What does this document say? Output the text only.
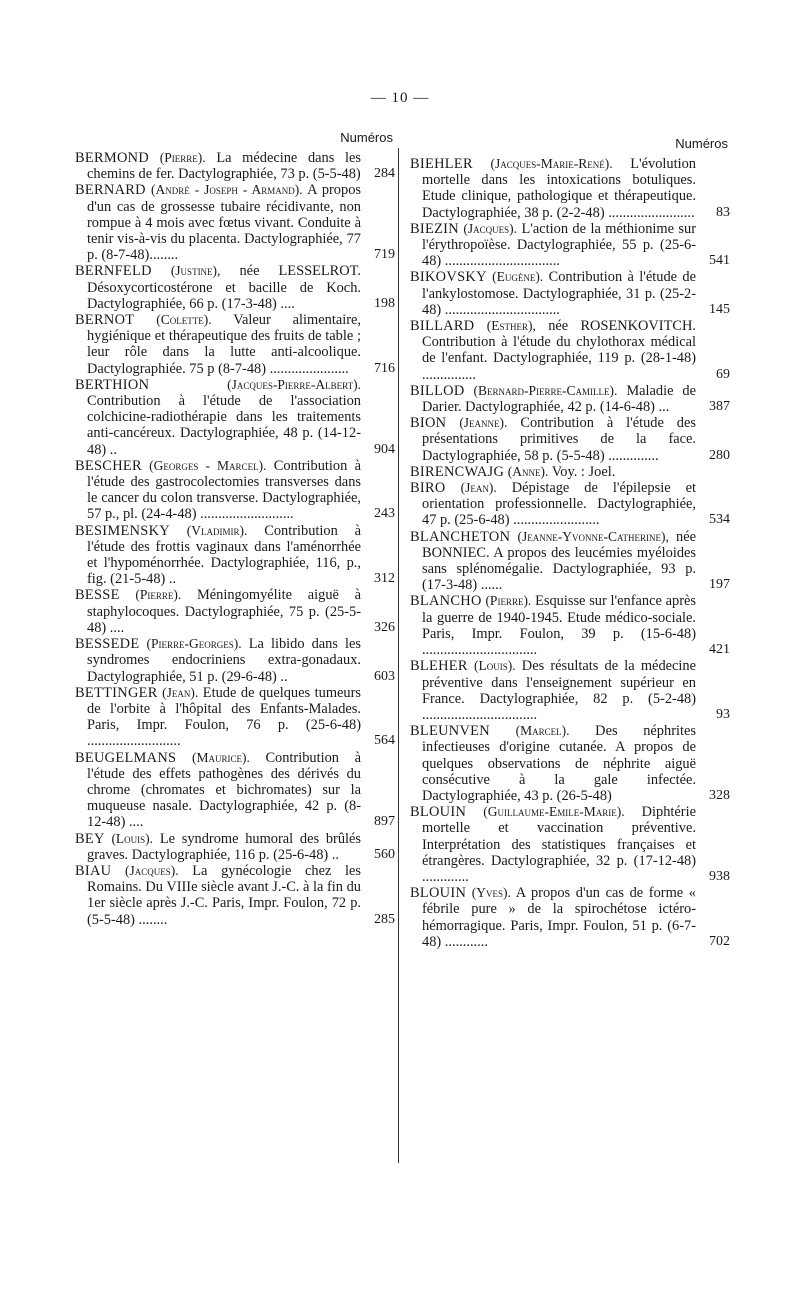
— 10 —
Numéros
BERMOND (Pierre). La médecine dans les chemins de fer. Dactylographiée, 73 p. (5-5-48) 284
BERNARD (André - Joseph - Armand). A propos d'un cas de grossesse tubaire récidivante, non rompue à 4 mois avec fœtus vivant. Conduite à tenir vis-à-vis du placenta. Dactylographiée, 77 p. (8-7-48)........	719
BERNFELD (Justine), née LESSELROT. Désoxycorticostérone et bacille de Koch. Dactylographiée, 66 p. (17-3-48) ....	198
BERNOT (Colette). Valeur alimentaire, hygiénique et thérapeutique des fruits de table ; leur rôle dans la lutte anti-alcoolique. Dactylographiée. 75 p (8-7-48) ......................	716
BERTHION	(Jacques-Pierre-Albert). Contribution à l'étude de l'association colchicine-radiothérapie dans les traitements anti-cancéreux. Dactylographiée, 48 p. (14-12-48) ..	904
BESCHER (Georges - Marcel). Contribution à l'étude des gastrocolectomies transverses dans le cancer du colon transverse. Dactylographiée, 57 p., pl. (24-4-48) ..........................	243
BESIMENSKY (Vladimir). Contribution à l'étude des frottis vaginaux dans l'aménorrhée et l'hypoménorrhée. Dactylographiée, 116, p., fig. (21-5-48) ..	312
BESSE (Pierre). Méningomyélite aiguë à staphylocoques. Dactylographiée, 75 p. (25-5-48) ....	326
BESSEDE (Pierre-Georges). La libido dans les syndromes endocriniens extra-gonadaux. Dactylographiée, 51 p. (29-6-48) ..	603
BETTINGER (Jean). Etude de quelques tumeurs de l'orbite à l'hôpital des Enfants-Malades. Paris, Impr. Foulon, 76 p. (25-6-48) ..........................	564
BEUGELMANS (Maurice). Contribution à l'étude des effets pathogènes des dérivés du chrome (chromates et bichromates) sur la muqueuse nasale. Dactylographiée, 42 p. (8-12-48) ....	897
BEY (Louis). Le syndrome humoral des brûlés graves. Dactylographiée, 116 p. (25-6-48) ..	560
BIAU (Jacques). La gynécologie chez les Romains. Du VIIIe siècle avant J.-C. à la fin du 1er siècle après J.-C. Paris, Impr. Foulon, 72 p. (5-5-48) ........	285
Numéros
BIEHLER (Jacques-Marie-René). L'évolution mortelle dans les intoxications botuliques. Etude clinique, pathologique et thérapeutique. Dactylographiée, 38 p. (2-2-48) ........................	83
BIEZIN (Jacques). L'action de la méthionime sur l'érythropoïèse. Dactylographiée, 55 p. (25-6-48) ................................	541
BIKOVSKY (Eugène). Contribution à l'étude de l'ankylostomose. Dactylographiée, 31 p. (25-2-48) ................................	145
BILLARD (Esther), née ROSENKOVITCH. Contribution à l'étude du chylothorax médical de l'enfant. Dactylographiée, 119 p. (28-1-48) ...............	69
BILLOD (Bernard-Pierre-Camille). Maladie de Darier. Dactylographiée, 42 p. (14-6-48) ...	387
BION (Jeanne). Contribution à l'étude des présentations primitives de la face. Dactylographiée, 58 p. (5-5-48) ..............	280
BIRENCWAJG (Anne). Voy. : Joel.
BIRO (Jean). Dépistage de l'épilepsie et orientation professionnelle. Dactylographiée, 47 p. (25-6-48) ........................	534
BLANCHETON (Jeanne-Yvonne-Catherine), née BONNIEC. A propos des leucémies myéloides sans splénomégalie. Dactylographiée, 93 p. (17-3-48) ......	197
BLANCHO (Pierre). Esquisse sur l'enfance après la guerre de 1940-1945. Etude médico-sociale. Paris, Impr. Foulon, 39 p. (15-6-48) ................................	421
BLEHER (Louis). Des résultats de la médecine préventive dans l'enseignement supérieur en France. Dactylographiée, 82 p. (5-2-48) ................................	93
BLEUNVEN (Marcel). Des néphrites infectieuses d'origine cutanée. A propos de quelques observations de néphrite aiguë consécutive à la gale infectée. Dactylographiée, 43 p. (26-5-48)	328
BLOUIN (Guillaume-Emile-Marie). Diphtérie mortelle et vaccination préventive. Interprétation des statistiques françaises et étrangères. Dactylographiée, 32 p. (17-12-48) .............	938
BLOUIN (Yves). A propos d'un cas de forme « fébrile pure » de la spirochétose ictéro-hémorragique. Paris, Impr. Foulon, 51 p. (6-7-48) ............	702
